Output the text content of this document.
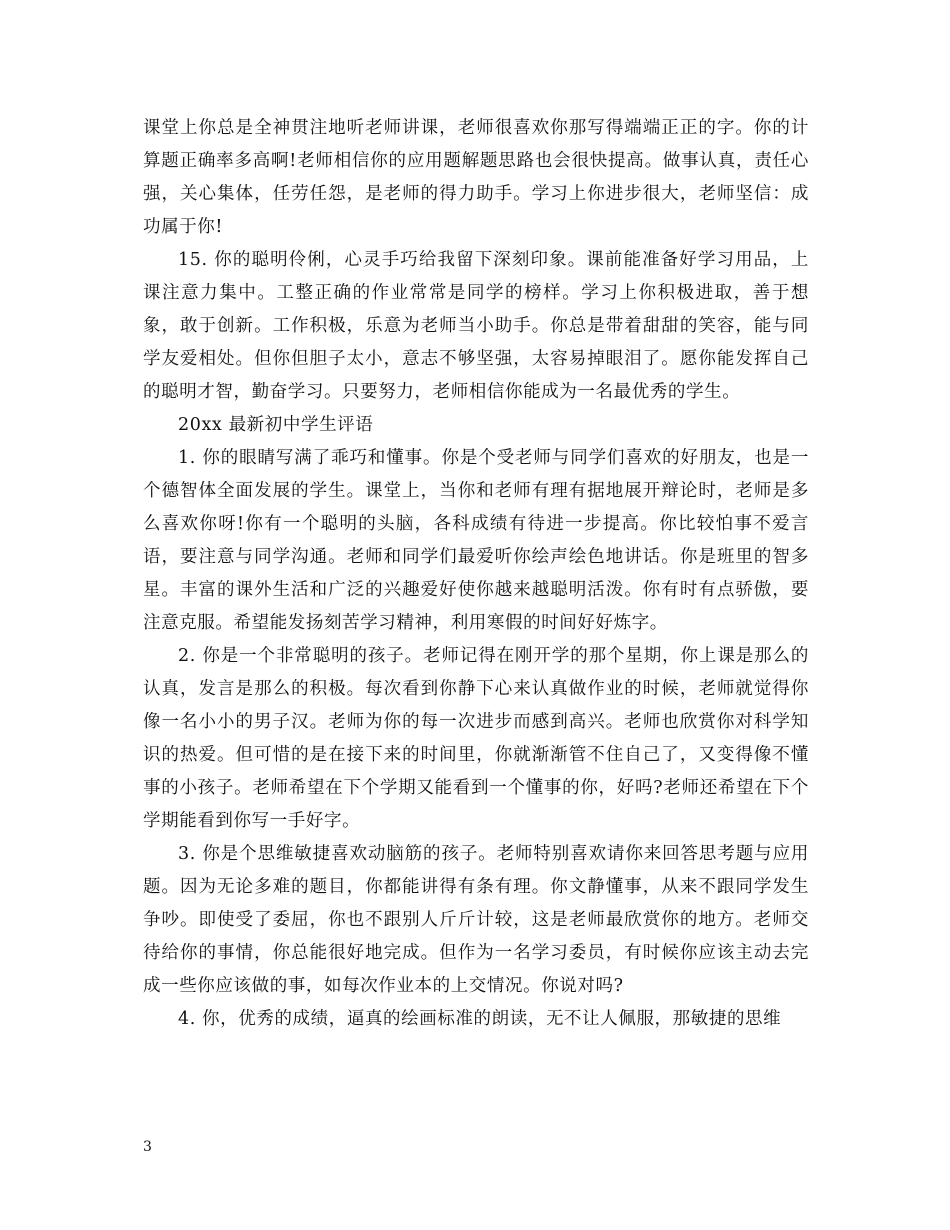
课堂上你总是全神贯注地听老师讲课，老师很喜欢你那写得端端正正的字。你的计算题正确率多高啊!老师相信你的应用题解题思路也会很快提高。做事认真，责任心强，关心集体，任劳任怨，是老师的得力助手。学习上你进步很大，老师坚信：成功属于你!

15. 你的聪明伶俐，心灵手巧给我留下深刻印象。课前能准备好学习用品，上课注意力集中。工整正确的作业常常是同学的榜样。学习上你积极进取，善于想象，敢于创新。工作积极，乐意为老师当小助手。你总是带着甜甜的笑容，能与同学友爱相处。但你但胆子太小，意志不够坚强，太容易掉眼泪了。愿你能发挥自己的聪明才智，勤奋学习。只要努力，老师相信你能成为一名最优秀的学生。

20xx 最新初中学生评语

1. 你的眼睛写满了乖巧和懂事。你是个受老师与同学们喜欢的好朋友，也是一个德智体全面发展的学生。课堂上，当你和老师有理有据地展开辩论时，老师是多么喜欢你呀!你有一个聪明的头脑，各科成绩有待进一步提高。你比较怕事不爱言语，要注意与同学沟通。老师和同学们最爱听你绘声绘色地讲话。你是班里的智多星。丰富的课外生活和广泛的兴趣爱好使你越来越聪明活泼。你有时有点骄傲，要注意克服。希望能发扬刻苦学习精神，利用寒假的时间好好炼字。

2. 你是一个非常聪明的孩子。老师记得在刚开学的那个星期，你上课是那么的认真，发言是那么的积极。每次看到你静下心来认真做作业的时候，老师就觉得你像一名小小的男子汉。老师为你的每一次进步而感到高兴。老师也欣赏你对科学知识的热爱。但可惜的是在接下来的时间里，你就渐渐管不住自己了，又变得像不懂事的小孩子。老师希望在下个学期又能看到一个懂事的你，好吗?老师还希望在下个学期能看到你写一手好字。

3. 你是个思维敏捷喜欢动脑筋的孩子。老师特别喜欢请你来回答思考题与应用题。因为无论多难的题目，你都能讲得有条有理。你文静懂事，从来不跟同学发生争吵。即使受了委屈，你也不跟别人斤斤计较，这是老师最欣赏你的地方。老师交待给你的事情，你总能很好地完成。但作为一名学习委员，有时候你应该主动去完成一些你应该做的事，如每次作业本的上交情况。你说对吗?

4. 你，优秀的成绩，逼真的绘画标准的朗读，无不让人佩服，那敏捷的思维

3
